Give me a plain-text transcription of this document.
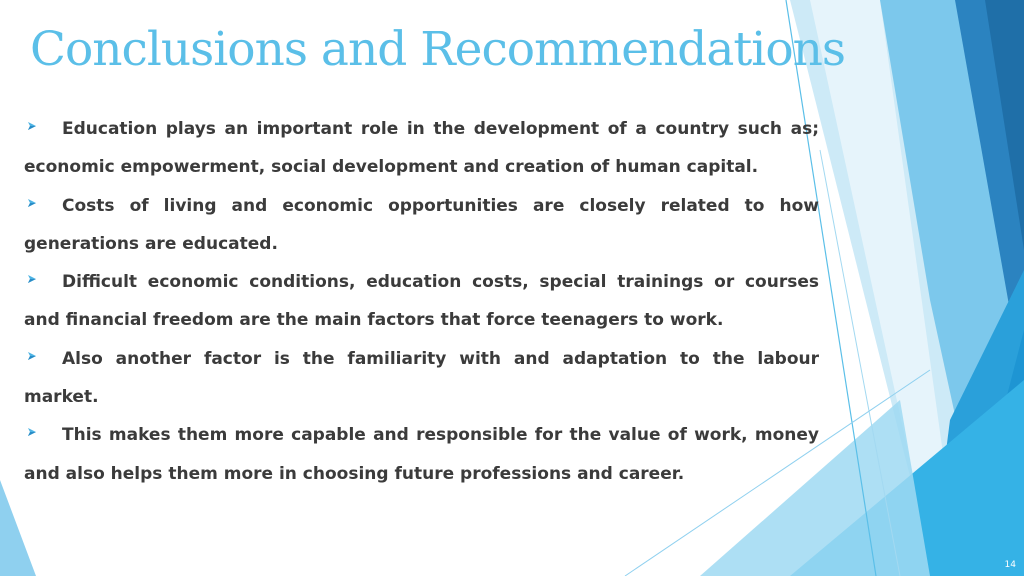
Conclusions and Recommendations

Education plays an important role in the development of a country such as; economic empowerment, social development and creation of human capital.

Costs of living and economic opportunities are closely related to how generations are educated.

Difficult economic conditions, education costs, special trainings or courses and financial freedom are the main factors that force teenagers to work.

Also another factor is the familiarity with and adaptation to the labour market.

This makes them more capable and responsible for the value of work, money and also helps them more in choosing future professions and career.

14
